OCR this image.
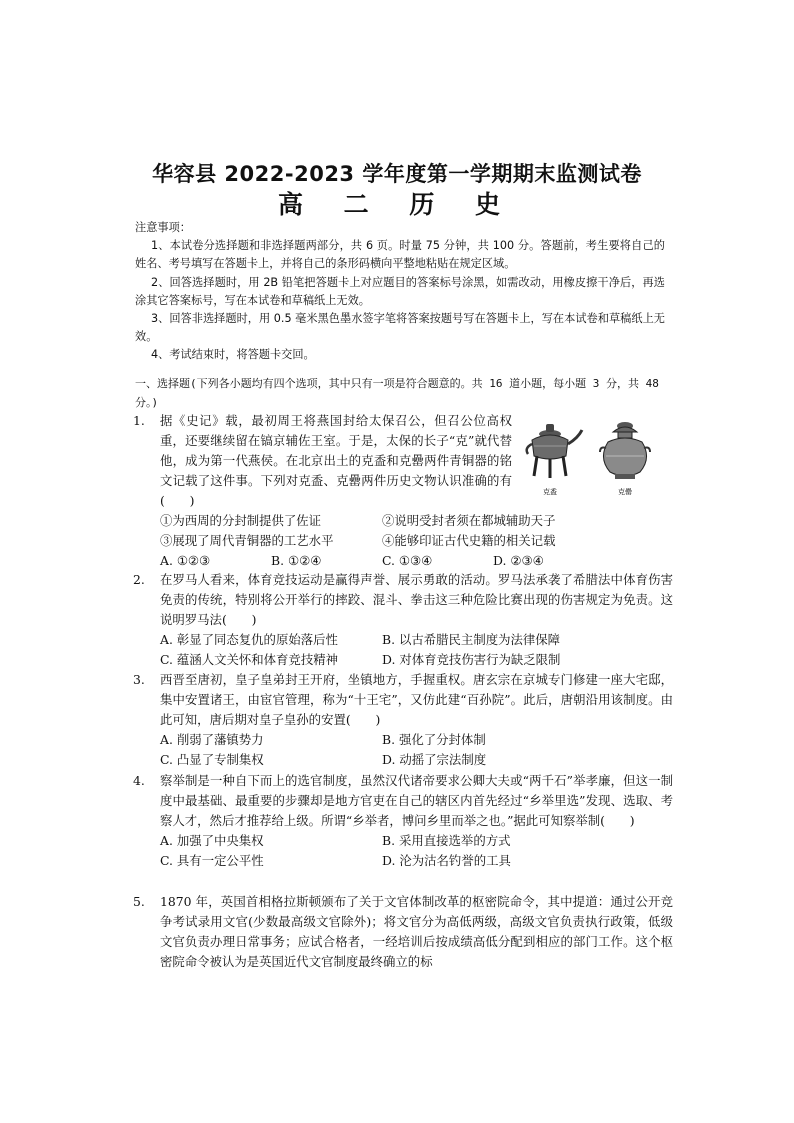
华容县 2022-2023 学年度第一学期期末监测试卷
高 二 历 史
注意事项：
1、本试卷分选择题和非选择题两部分，共 6 页。时量 75 分钟，共 100 分。答题前，考生要将自己的姓名、考号填写在答题卡上，并将自己的条形码横向平整地粘贴在规定区域。
2、回答选择题时，用 2B 铅笔把答题卡上对应题目的答案标号涂黑，如需改动，用橡皮擦干净后，再选涂其它答案标号，写在本试卷和草稿纸上无效。
3、回答非选择题时，用 0.5 毫米黑色墨水签字笔将答案按题号写在答题卡上，写在本试卷和草稿纸上无效。
4、考试结束时，将答题卡交回。
一、选择题(下列各小题均有四个选项，其中只有一项是符合题意的。共 16 道小题，每小题 3 分，共 48 分。)
1.	据《史记》载，最初周王将燕国封给太保召公，但召公位高权重，还要继续留在镐京辅佐王室。于是，太保的长子“克”就代替他，成为第一代燕侯。在北京出土的克盉和克罍两件青铜器的铭文记载了这件事。下列对克盉、克罍两件历史文物认识准确的有(　　)
①为西周的分封制提供了佐证	②说明受封者须在都城辅助天子
③展现了周代青铜器的工艺水平	④能够印证古代史籍的相关记载
A. ①②③	B. ①②④	C. ①③④	D. ②③④
克盉	克罍
2.	在罗马人看来，体育竞技运动是赢得声誉、展示勇敢的活动。罗马法承袭了希腊法中体育伤害免责的传统，特别将公开举行的摔跤、混斗、拳击这三种危险比赛出现的伤害规定为免责。这说明罗马法(　　)
A. 彰显了同态复仇的原始落后性	B. 以古希腊民主制度为法律保障
C. 蕴涵人文关怀和体育竞技精神	D. 对体育竞技伤害行为缺乏限制
3.	西晋至唐初，皇子皇弟封王开府，坐镇地方，手握重权。唐玄宗在京城专门修建一座大宅邸，集中安置诸王，由宦官管理，称为“十王宅”，又仿此建“百孙院”。此后，唐朝沿用该制度。由此可知，唐后期对皇子皇孙的安置(　　)
A. 削弱了藩镇势力	B. 强化了分封体制
C. 凸显了专制集权	D. 动摇了宗法制度
4.	察举制是一种自下而上的选官制度，虽然汉代诸帝要求公卿大夫或“两千石”举孝廉，但这一制度中最基础、最重要的步骤却是地方官吏在自己的辖区内首先经过“乡举里选”发现、选取、考察人才，然后才推荐给上级。所谓“乡举者，博问乡里而举之也。”据此可知察举制(　　)
A. 加强了中央集权	B. 采用直接选举的方式
C. 具有一定公平性	D. 沦为沽名钓誉的工具
5.	1870 年，英国首相格拉斯顿颁布了关于文官体制改革的枢密院命令，其中提道：通过公开竞争考试录用文官(少数最高级文官除外)；将文官分为高低两级，高级文官负责执行政策，低级文官负责办理日常事务；应试合格者，一经培训后按成绩高低分配到相应的部门工作。这个枢密院命令被认为是英国近代文官制度最终确立的标
